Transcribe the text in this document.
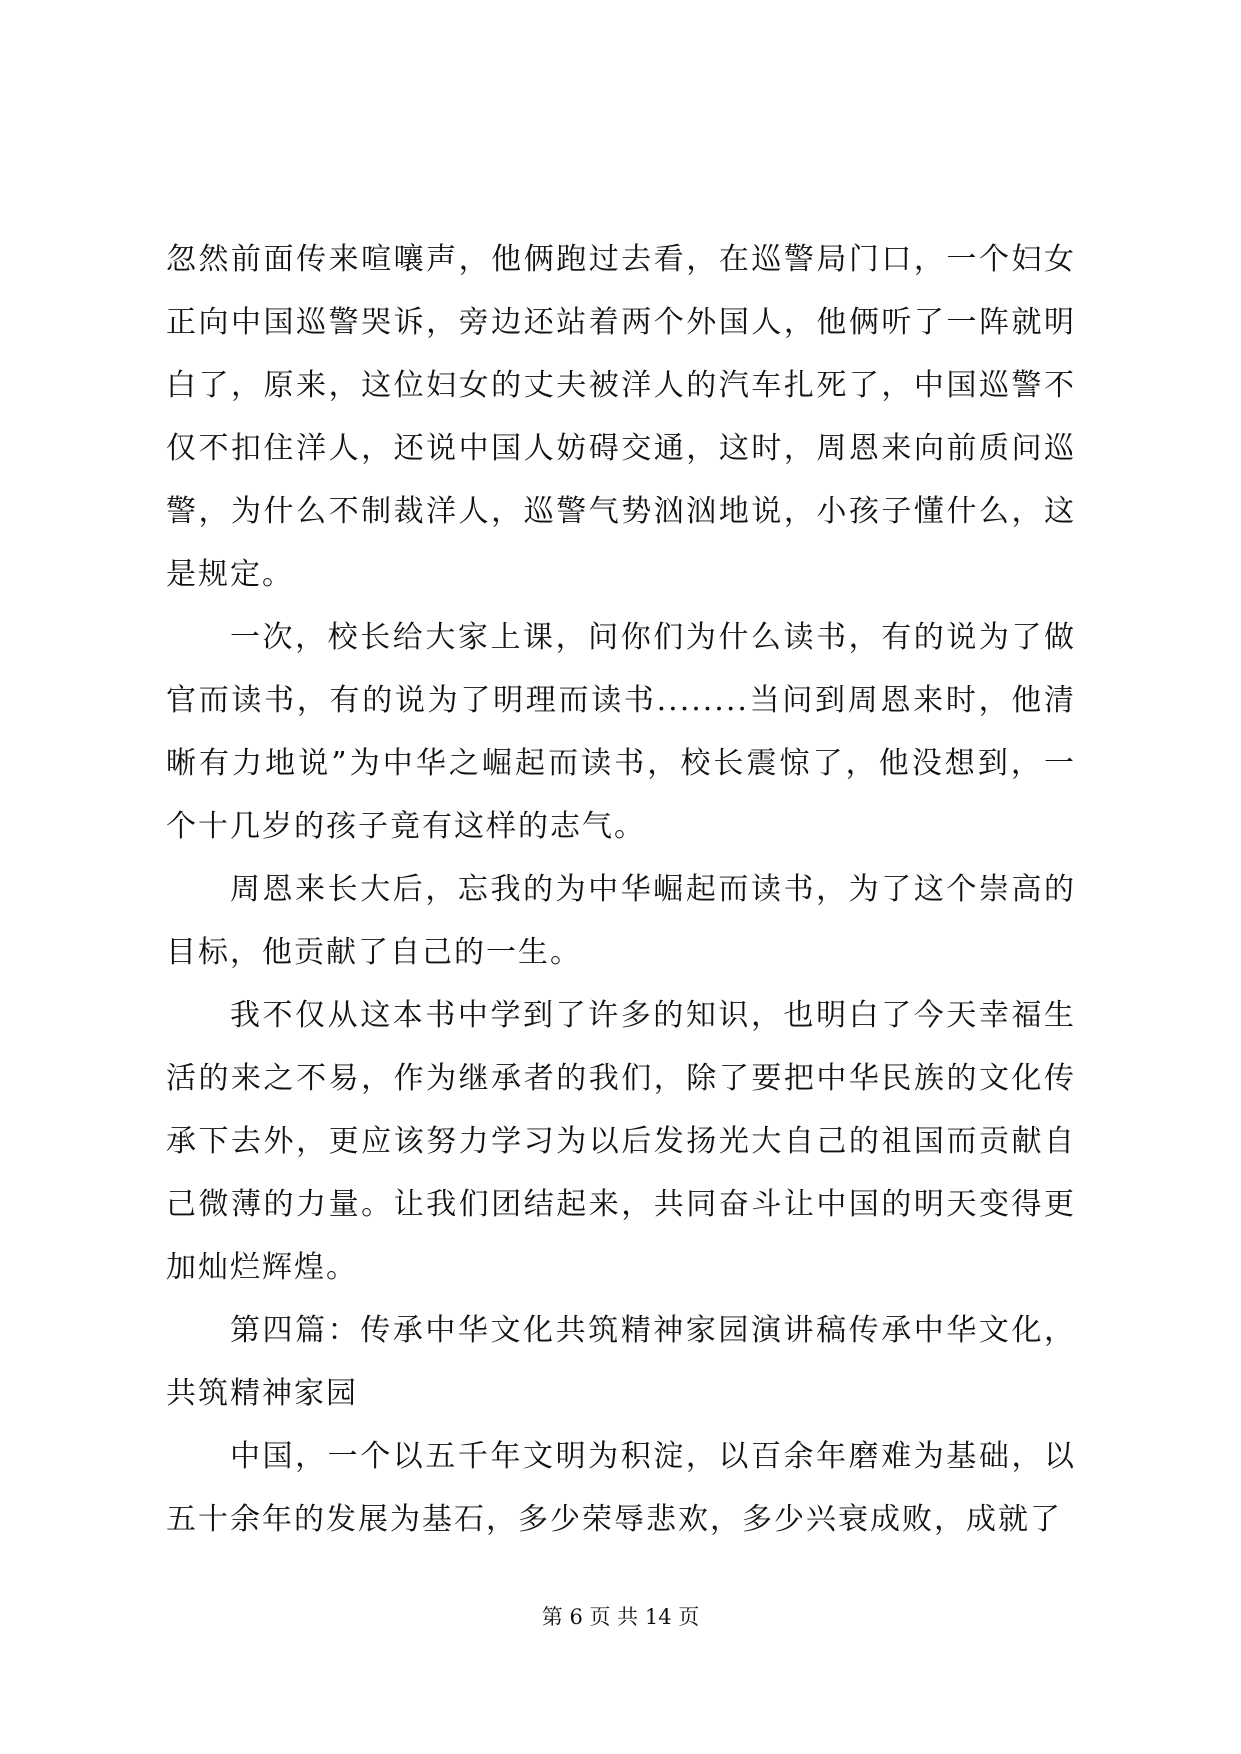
忽然前面传来喧嚷声，他俩跑过去看，在巡警局门口，一个妇女正向中国巡警哭诉，旁边还站着两个外国人，他俩听了一阵就明白了，原来，这位妇女的丈夫被洋人的汽车扎死了，中国巡警不仅不扣住洋人，还说中国人妨碍交通，这时，周恩来向前质问巡警，为什么不制裁洋人，巡警气势汹汹地说，小孩子懂什么，这是规定。

一次，校长给大家上课，问你们为什么读书，有的说为了做官而读书，有的说为了明理而读书........当问到周恩来时，他清晰有力地说”为中华之崛起而读书，校长震惊了，他没想到，一个十几岁的孩子竟有这样的志气。

周恩来长大后，忘我的为中华崛起而读书，为了这个崇高的目标，他贡献了自己的一生。

我不仅从这本书中学到了许多的知识，也明白了今天幸福生活的来之不易，作为继承者的我们，除了要把中华民族的文化传承下去外，更应该努力学习为以后发扬光大自己的祖国而贡献自己微薄的力量。让我们团结起来，共同奋斗让中国的明天变得更加灿烂辉煌。

第四篇：传承中华文化共筑精神家园演讲稿传承中华文化，共筑精神家园

中国，一个以五千年文明为积淀，以百余年磨难为基础，以五十余年的发展为基石，多少荣辱悲欢，多少兴衰成败，成就了

第 6 页 共 14 页
